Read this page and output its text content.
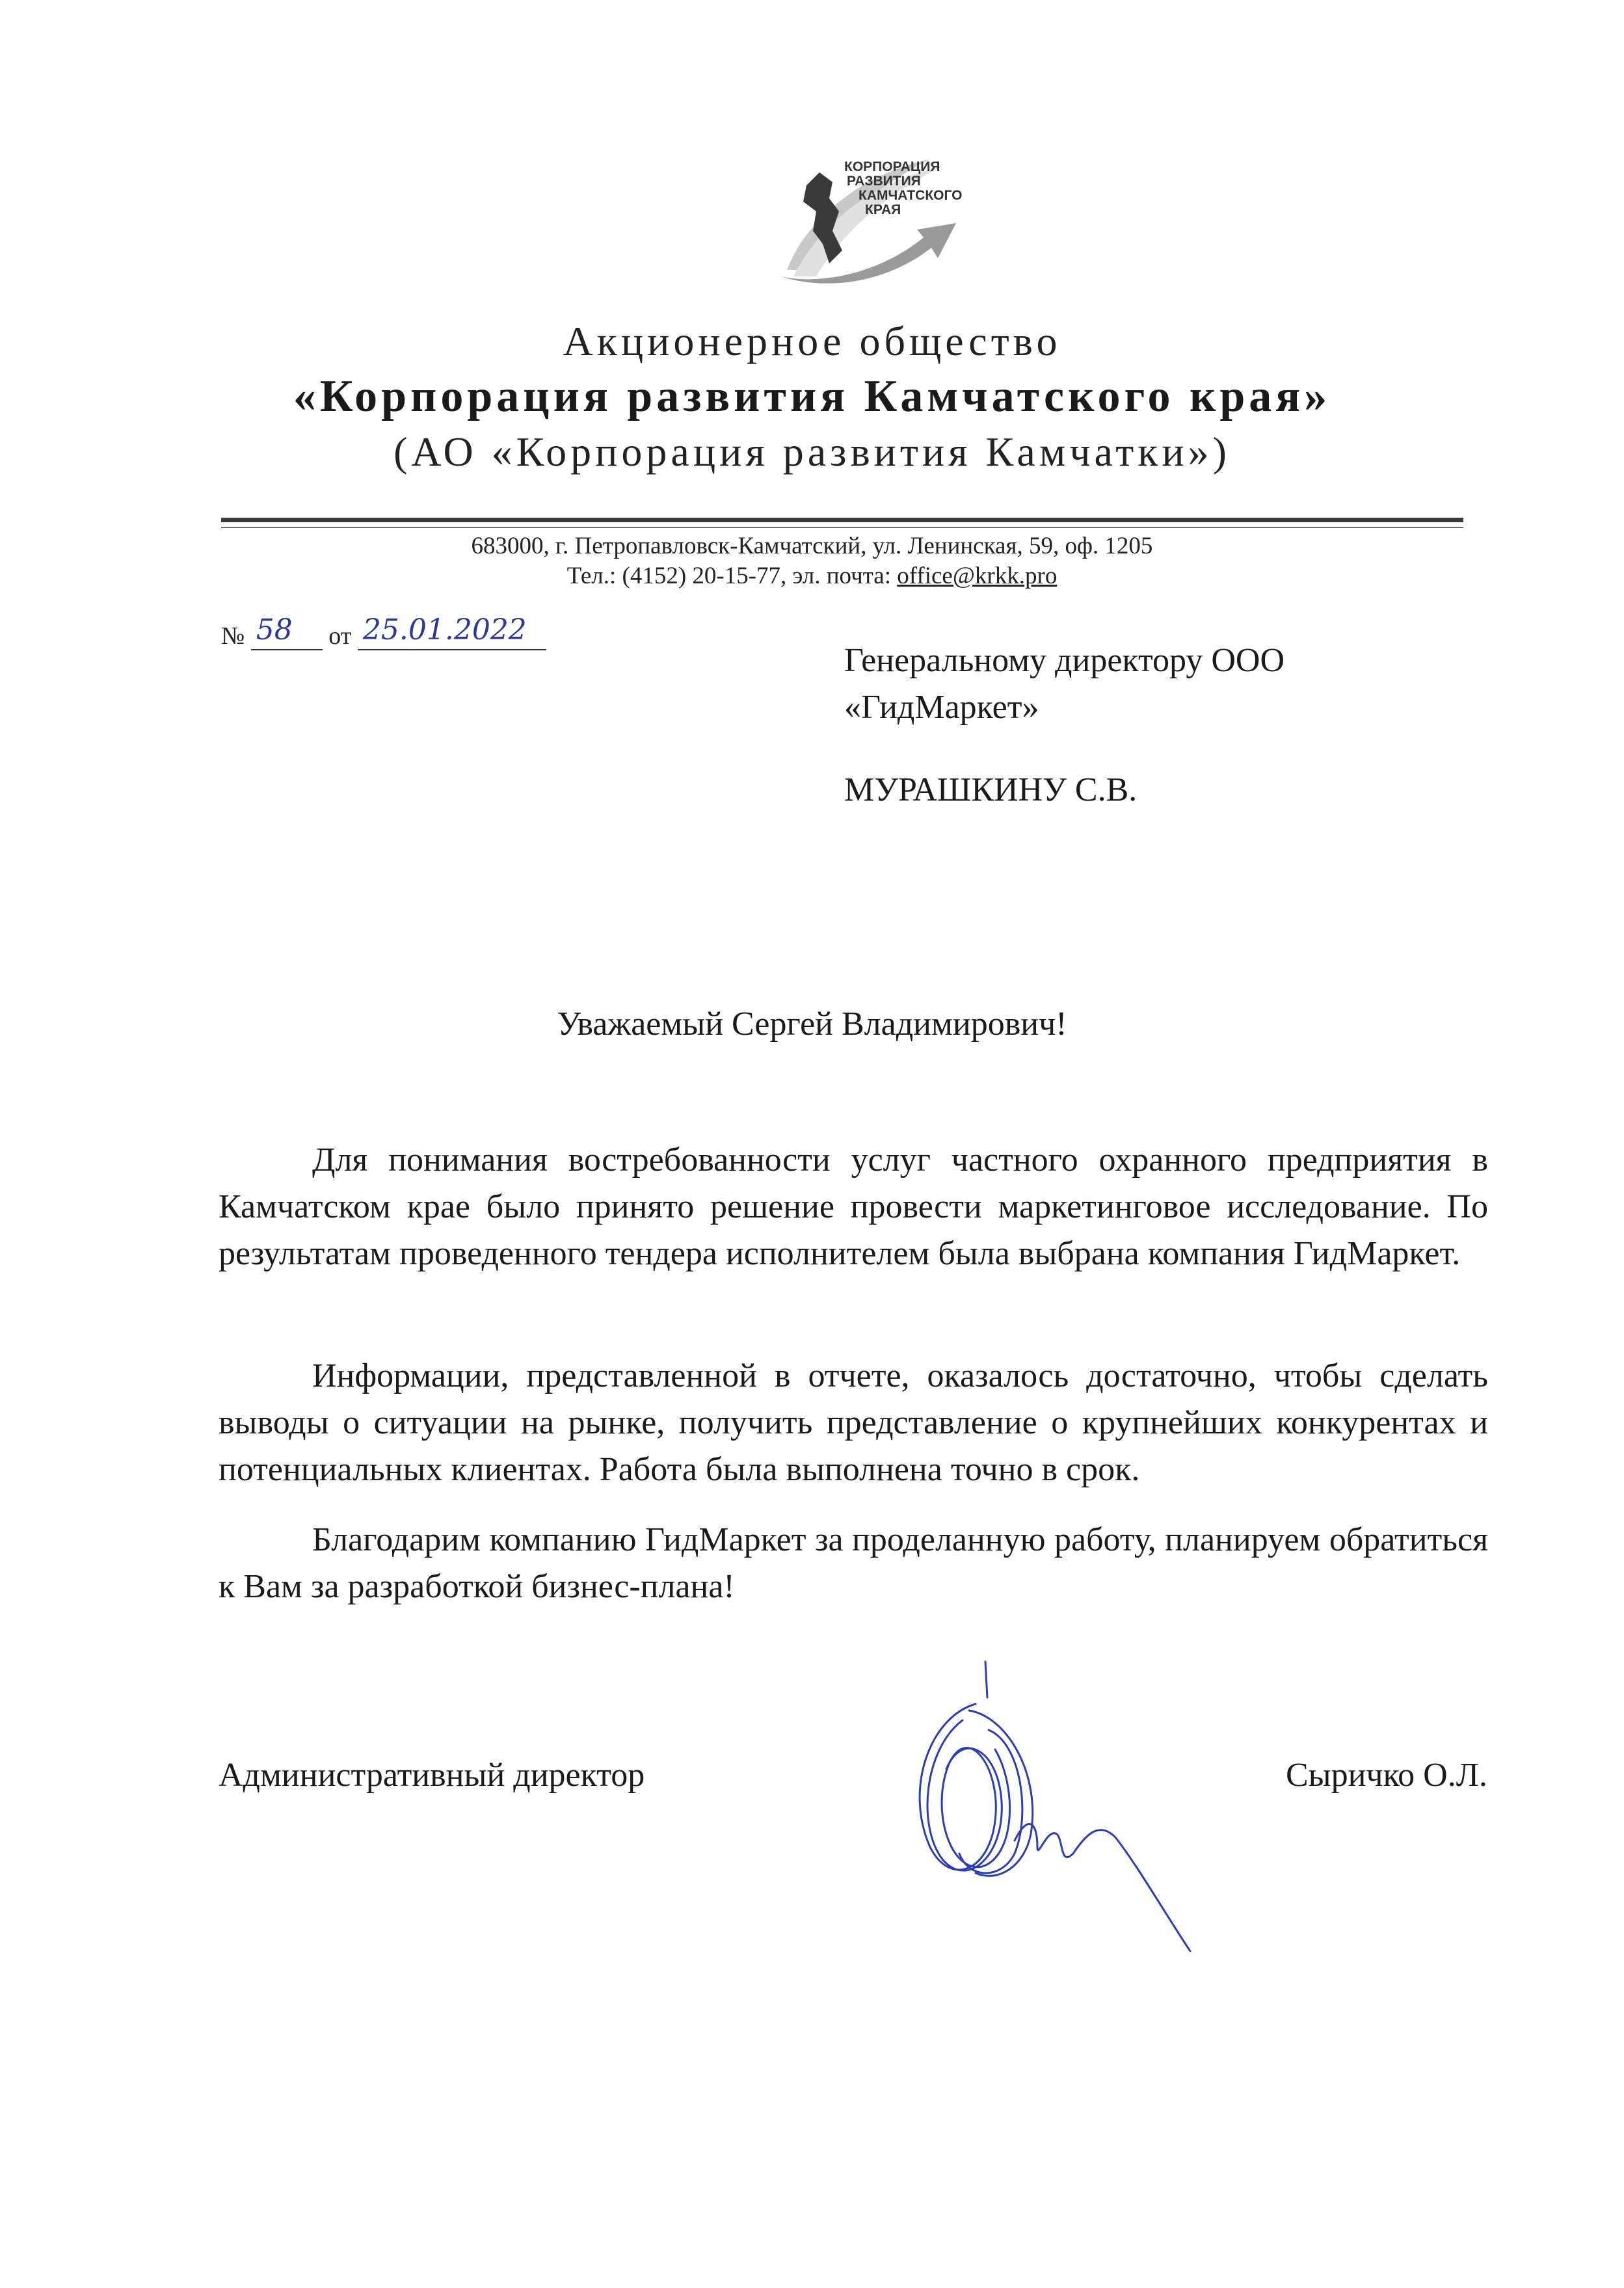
КОРПОРАЦИЯ
РАЗВИТИЯ
КАМЧАТСКОГО
КРАЯ
Акционерное общество
«Корпорация развития Камчатского края»
(АО «Корпорация развития Камчатки»)
683000, г. Петропавловск-Камчатский, ул. Ленинская, 59, оф. 1205
Тел.: (4152) 20-15-77, эл. почта: office@krkk.pro
№ 58 от 25.01.2022
Генеральному директору ООО
«ГидМаркет»
МУРАШКИНУ С.В.
Уважаемый Сергей Владимирович!
Для понимания востребованности услуг частного охранного предприятия в Камчатском крае было принято решение провести маркетинговое исследование. По результатам проведенного тендера исполнителем была выбрана компания ГидМаркет.
Информации, представленной в отчете, оказалось достаточно, чтобы сделать выводы о ситуации на рынке, получить представление о крупнейших конкурентах и потенциальных клиентах. Работа была выполнена точно в срок.
Благодарим компанию ГидМаркет за проделанную работу, планируем обратиться к Вам за разработкой бизнес-плана!
Административный директор	Сыричко О.Л.
